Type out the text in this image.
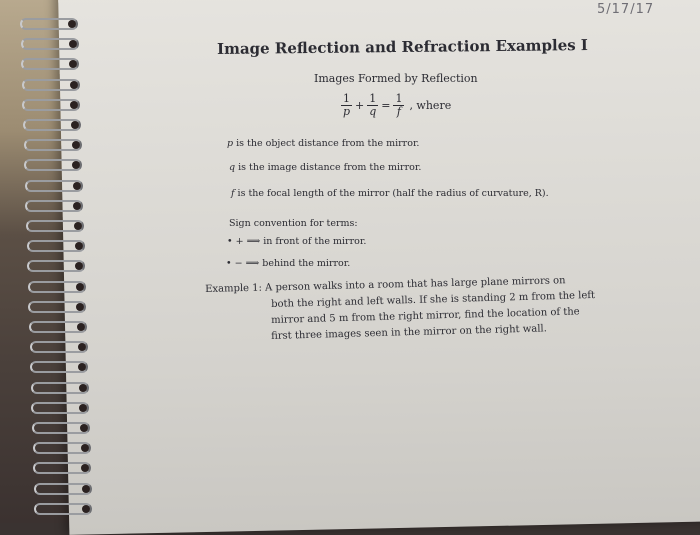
5/17/17
Image Reflection and Refraction Examples I
Images Formed by Reflection
$\frac{1}{p} + \frac{1}{q} = \frac{1}{f}$ , where
p is the object distance from the mirror.
q is the image distance from the mirror.
f is the focal length of the mirror (half the radius of curvature, R).
Sign convention for terms:
• + ⟹ in front of the mirror.
• − ⟹ behind the mirror.
Example 1: A person walks into a room that has large plane mirrors on
both the right and left walls. If she is standing 2 m from the left
mirror and 5 m from the right mirror, find the location of the
first three images seen in the mirror on the right wall.
